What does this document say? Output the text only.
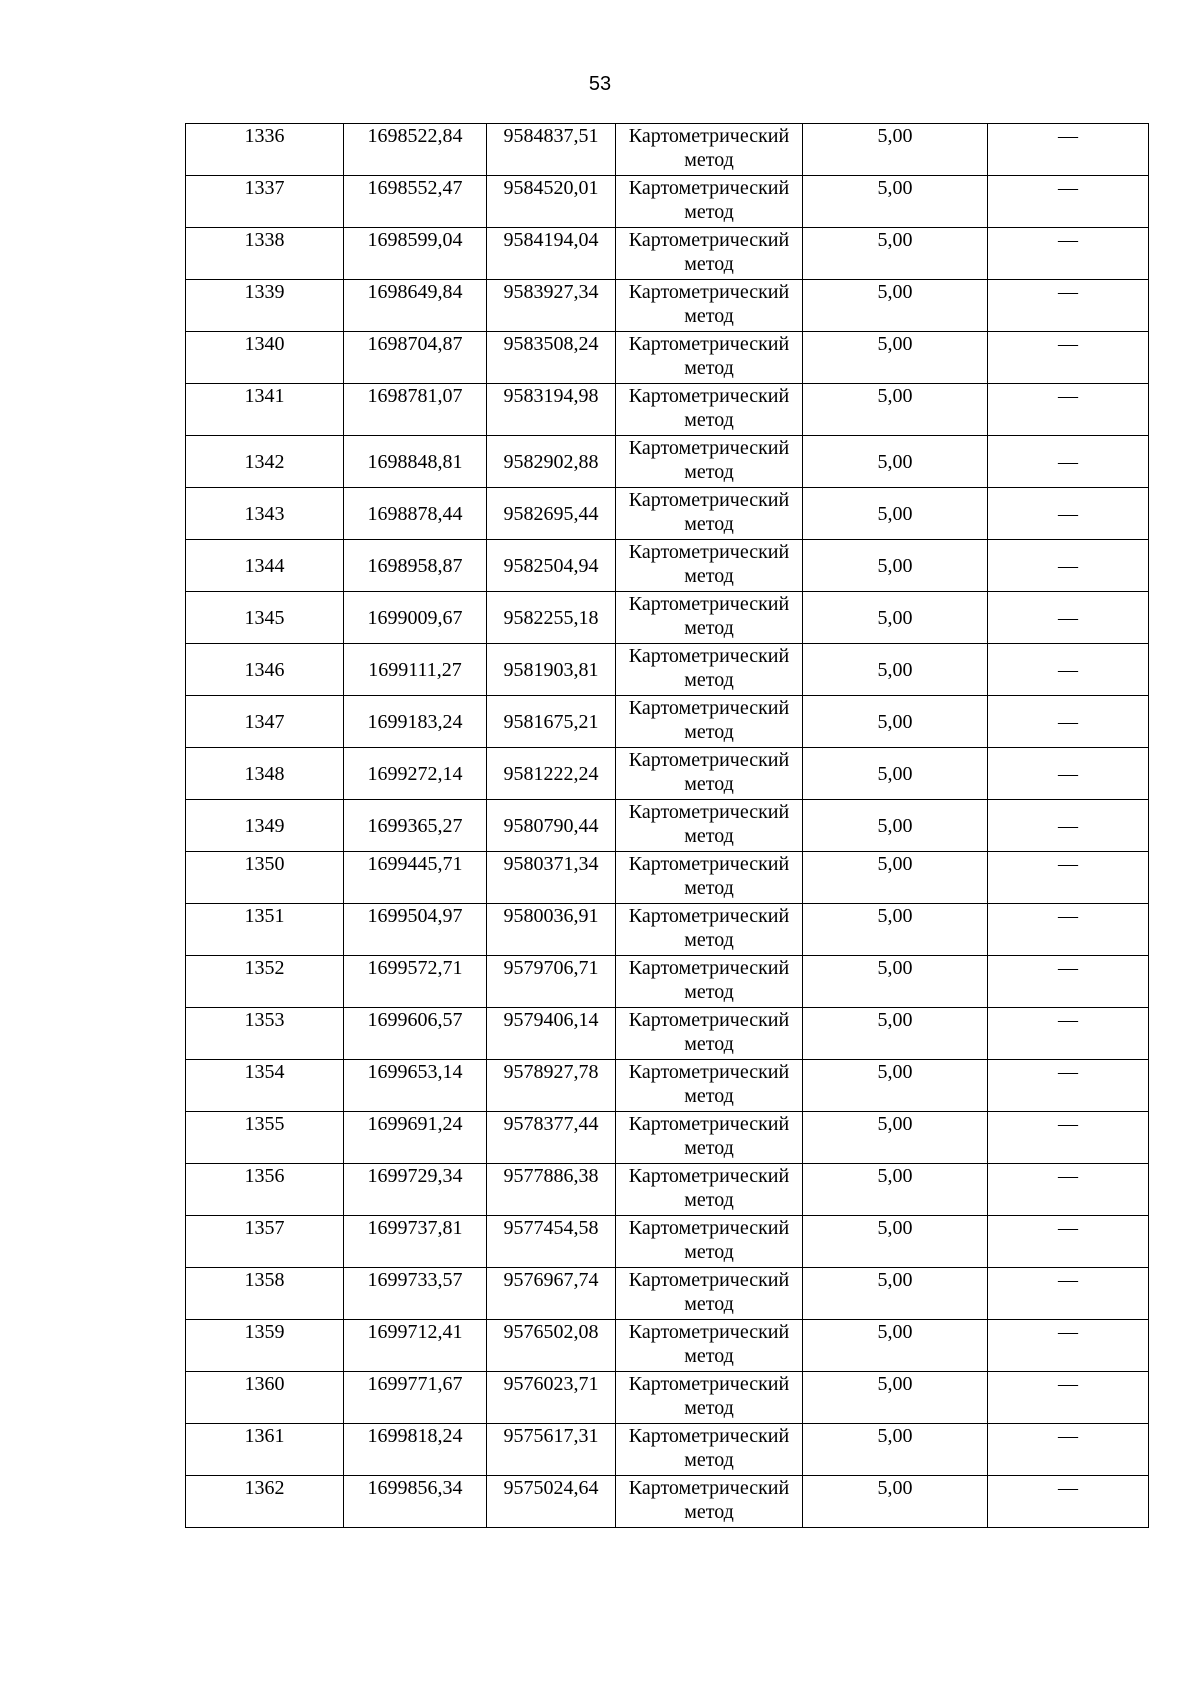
53
1336	1698522,84	9584837,51	Картометрический метод	5,00	—
1337	1698552,47	9584520,01	Картометрический метод	5,00	—
1338	1698599,04	9584194,04	Картометрический метод	5,00	—
1339	1698649,84	9583927,34	Картометрический метод	5,00	—
1340	1698704,87	9583508,24	Картометрический метод	5,00	—
1341	1698781,07	9583194,98	Картометрический метод	5,00	—
1342	1698848,81	9582902,88	Картометрический метод	5,00	—
1343	1698878,44	9582695,44	Картометрический метод	5,00	—
1344	1698958,87	9582504,94	Картометрический метод	5,00	—
1345	1699009,67	9582255,18	Картометрический метод	5,00	—
1346	1699111,27	9581903,81	Картометрический метод	5,00	—
1347	1699183,24	9581675,21	Картометрический метод	5,00	—
1348	1699272,14	9581222,24	Картометрический метод	5,00	—
1349	1699365,27	9580790,44	Картометрический метод	5,00	—
1350	1699445,71	9580371,34	Картометрический метод	5,00	—
1351	1699504,97	9580036,91	Картометрический метод	5,00	—
1352	1699572,71	9579706,71	Картометрический метод	5,00	—
1353	1699606,57	9579406,14	Картометрический метод	5,00	—
1354	1699653,14	9578927,78	Картометрический метод	5,00	—
1355	1699691,24	9578377,44	Картометрический метод	5,00	—
1356	1699729,34	9577886,38	Картометрический метод	5,00	—
1357	1699737,81	9577454,58	Картометрический метод	5,00	—
1358	1699733,57	9576967,74	Картометрический метод	5,00	—
1359	1699712,41	9576502,08	Картометрический метод	5,00	—
1360	1699771,67	9576023,71	Картометрический метод	5,00	—
1361	1699818,24	9575617,31	Картометрический метод	5,00	—
1362	1699856,34	9575024,64	Картометрический метод	5,00	—
